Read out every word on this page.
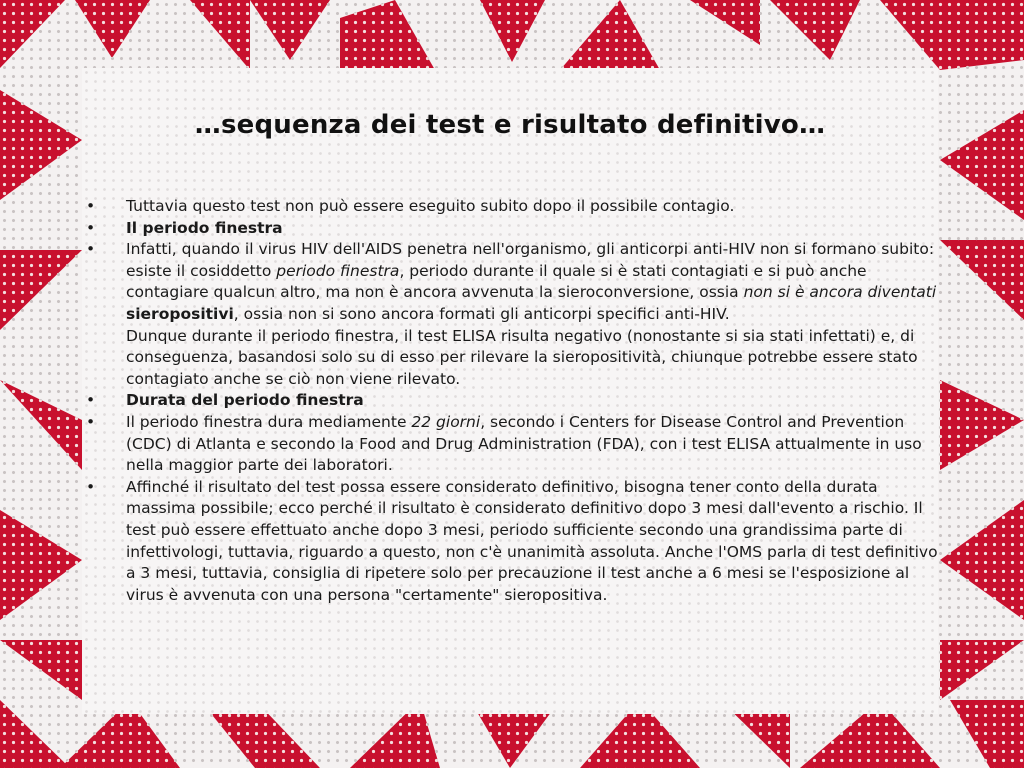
…sequenza dei test e risultato definitivo…
• Tuttavia questo test non può essere eseguito subito dopo il possibile contagio.
• Il periodo finestra
• Infatti, quando il virus HIV dell'AIDS penetra nell'organismo, gli anticorpi anti-HIV non si formano subito: esiste il cosiddetto periodo finestra, periodo durante il quale si è stati contagiati e si può anche contagiare qualcun altro, ma non è ancora avvenuta la sieroconversione, ossia non si è ancora diventati sieropositivi, ossia non si sono ancora formati gli anticorpi specifici anti-HIV.
Dunque durante il periodo finestra, il test ELISA risulta negativo (nonostante si sia stati infettati) e, di conseguenza, basandosi solo su di esso per rilevare la sieropositività, chiunque potrebbe essere stato contagiato anche se ciò non viene rilevato.
• Durata del periodo finestra
• Il periodo finestra dura mediamente 22 giorni, secondo i Centers for Disease Control and Prevention (CDC) di Atlanta e secondo la Food and Drug Administration (FDA), con i test ELISA attualmente in uso nella maggior parte dei laboratori.
• Affinché il risultato del test possa essere considerato definitivo, bisogna tener conto della durata massima possibile; ecco perché il risultato è considerato definitivo dopo 3 mesi dall'evento a rischio. Il test può essere effettuato anche dopo 3 mesi, periodo sufficiente secondo una grandissima parte di infettivologi, tuttavia, riguardo a questo, non c'è unanimità assoluta. Anche l'OMS parla di test definitivo a 3 mesi, tuttavia, consiglia di ripetere solo per precauzione il test anche a 6 mesi se l'esposizione al virus è avvenuta con una persona "certamente" sieropositiva.
